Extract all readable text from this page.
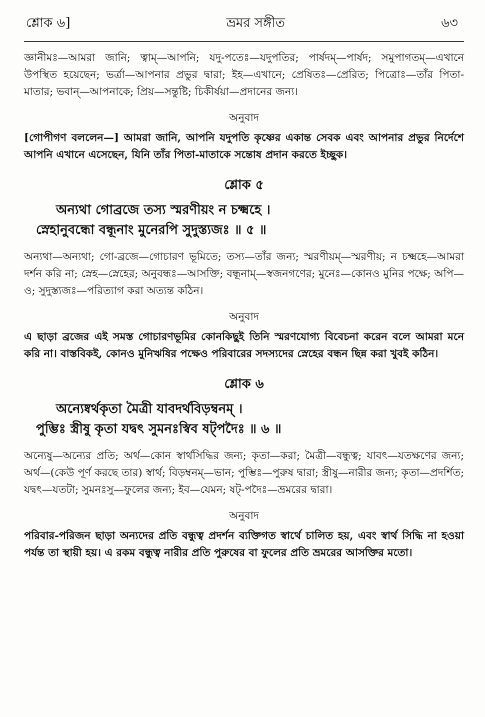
শ্লোক ৬]	ভ্রমর সঙ্গীত	৬৩

জ্ঞানীমঃ—আমরা জানি; ত্বাম্—আপনি; যদু-পতেঃ—যদুপতির; পার্ষদম্—পার্ষদ; সমুপাগতম্—এখানে উপস্থিত হয়েছেন; ভর্ত্রা—আপনার প্রভুর দ্বারা; ইহ—এখানে; প্রেষিতঃ—প্রেরিত; পিত্রোঃ—তাঁর পিতা-মাতার; ভবান্—আপনাকে; প্রিয়—সন্তুষ্টি; চিকীর্ষয়া—প্রদানের জন্য।

অনুবাদ

[গোপীগণ বললেন—] আমরা জানি, আপনি যদুপতি কৃষ্ণের একান্ত সেবক এবং আপনার প্রভুর নির্দেশে আপনি এখানে এসেছেন, যিনি তাঁর পিতা-মাতাকে সন্তোষ প্রদান করতে ইচ্ছুক।

শ্লোক ৫

অন্যথা গোব্রজে তস্য স্মরণীয়ং ন চক্ষ্মহে ।

স্নেহানুবন্ধো বন্ধূনাং মুনেরপি সুদুস্ত্যজঃ ॥ ৫ ॥

অন্যথা—অন্যথা; গো-ব্রজে—গোচারণ ভূমিতে; তস্য—তাঁর জন্য; স্মরণীয়ম্—স্মরণীয়; ন চক্ষ্মহে—আমরা দর্শন করি না; স্নেহ—স্নেহের; অনুবন্ধঃ—আসক্তি; বন্ধূনাম্—স্বজনগণের; মুনেঃ—কোনও মুনির পক্ষে; অপি—ও; সুদুস্ত্যজঃ—পরিত্যাগ করা অত্যন্ত কঠিন।

অনুবাদ

এ ছাড়া ব্রজের এই সমস্ত গোচারণভূমির কোনকিছুই তিনি স্মরণযোগ্য বিবেচনা করেন বলে আমরা মনে করি না। বাস্তবিকই, কোনও মুনিঋষির পক্ষেও পরিবারের সদস্যদের স্নেহের বন্ধন ছিন্ন করা খুবই কঠিন।

শ্লোক ৬

অন্যেষ্বর্থকৃতা মৈত্রী যাবদর্থবিড়ম্বনম্ ।

পুম্ভিঃ স্ত্রীষু কৃতা যদ্বৎ সুমনঃস্বিব ষট্পদৈঃ ॥ ৬ ॥

অন্যেষু—অন্যের প্রতি; অর্থ—কোন স্বার্থসিদ্ধির জন্য; কৃতা—করা; মৈত্রী—বন্ধুত্ব; যাবৎ—যতক্ষণের জন্য; অর্থ—(কেউ পূর্ণ করছে তার) স্বার্থ; বিড়ম্বনম্—ভান; পুম্ভিঃ—পুরুষ দ্বারা; স্ত্রীষু—নারীর জন্য; কৃতা—প্রদর্শিত; যদ্বৎ—যতটা; সুমনঃসু—ফুলের জন্য; ইব—যেমন; ষট্-পদৈঃ—ভ্রমরের দ্বারা।

অনুবাদ

পরিবার-পরিজন ছাড়া অন্যদের প্রতি বন্ধুত্ব প্রদর্শন ব্যক্তিগত স্বার্থে চালিত হয়, এবং স্বার্থ সিদ্ধি না হওয়া পর্যন্ত তা স্থায়ী হয়। এ রকম বন্ধুত্ব নারীর প্রতি পুরুষের বা ফুলের প্রতি ভ্রমরের আসক্তির মতো।
